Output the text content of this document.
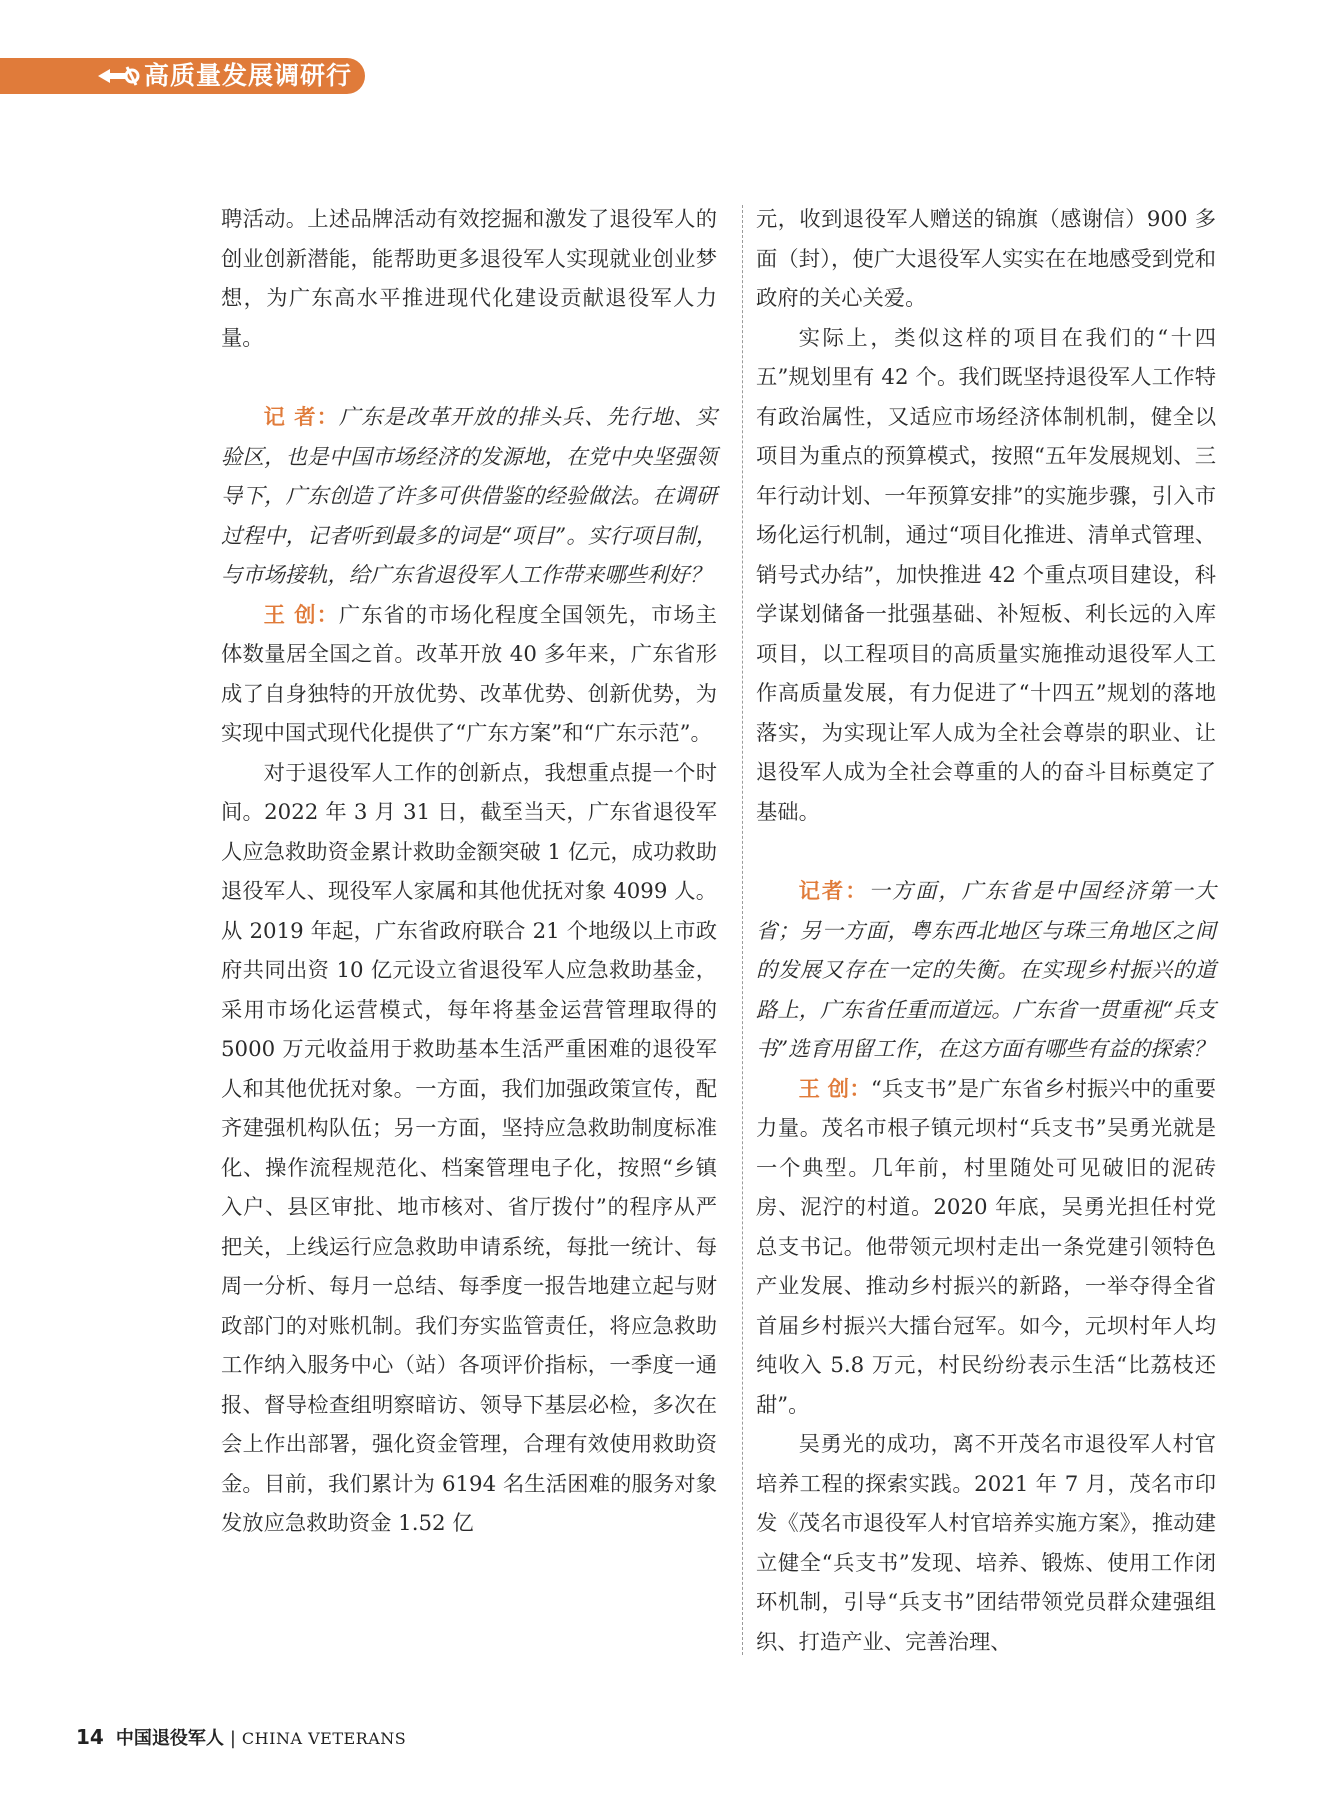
高质量发展调研行

聘活动。上述品牌活动有效挖掘和激发了退役军人的创业创新潜能，能帮助更多退役军人实现就业创业梦想，为广东高水平推进现代化建设贡献退役军人力量。

记 者：广东是改革开放的排头兵、先行地、实验区，也是中国市场经济的发源地，在党中央坚强领导下，广东创造了许多可供借鉴的经验做法。在调研过程中，记者听到最多的词是“项目”。实行项目制，与市场接轨，给广东省退役军人工作带来哪些利好？

王 创：广东省的市场化程度全国领先，市场主体数量居全国之首。改革开放 40 多年来，广东省形成了自身独特的开放优势、改革优势、创新优势，为实现中国式现代化提供了“广东方案”和“广东示范”。

对于退役军人工作的创新点，我想重点提一个时间。2022 年 3 月 31 日，截至当天，广东省退役军人应急救助资金累计救助金额突破 1 亿元，成功救助退役军人、现役军人家属和其他优抚对象 4099 人。从 2019 年起，广东省政府联合 21 个地级以上市政府共同出资 10 亿元设立省退役军人应急救助基金，采用市场化运营模式，每年将基金运营管理取得的 5000 万元收益用于救助基本生活严重困难的退役军人和其他优抚对象。一方面，我们加强政策宣传，配齐建强机构队伍；另一方面，坚持应急救助制度标准化、操作流程规范化、档案管理电子化，按照“乡镇入户、县区审批、地市核对、省厅拨付”的程序从严把关，上线运行应急救助申请系统，每批一统计、每周一分析、每月一总结、每季度一报告地建立起与财政部门的对账机制。我们夯实监管责任，将应急救助工作纳入服务中心（站）各项评价指标，一季度一通报、督导检查组明察暗访、领导下基层必检，多次在会上作出部署，强化资金管理，合理有效使用救助资金。目前，我们累计为 6194 名生活困难的服务对象发放应急救助资金 1.52 亿

元，收到退役军人赠送的锦旗（感谢信）900 多面（封），使广大退役军人实实在在地感受到党和政府的关心关爱。

实际上，类似这样的项目在我们的“十四五”规划里有 42 个。我们既坚持退役军人工作特有政治属性，又适应市场经济体制机制，健全以项目为重点的预算模式，按照“五年发展规划、三年行动计划、一年预算安排”的实施步骤，引入市场化运行机制，通过“项目化推进、清单式管理、销号式办结”，加快推进 42 个重点项目建设，科学谋划储备一批强基础、补短板、利长远的入库项目，以工程项目的高质量实施推动退役军人工作高质量发展，有力促进了“十四五”规划的落地落实，为实现让军人成为全社会尊崇的职业、让退役军人成为全社会尊重的人的奋斗目标奠定了基础。

记者：一方面，广东省是中国经济第一大省；另一方面，粤东西北地区与珠三角地区之间的发展又存在一定的失衡。在实现乡村振兴的道路上，广东省任重而道远。广东省一贯重视“兵支书”选育用留工作，在这方面有哪些有益的探索？

王 创：“兵支书”是广东省乡村振兴中的重要力量。茂名市根子镇元坝村“兵支书”吴勇光就是一个典型。几年前，村里随处可见破旧的泥砖房、泥泞的村道。2020 年底，吴勇光担任村党总支书记。他带领元坝村走出一条党建引领特色产业发展、推动乡村振兴的新路，一举夺得全省首届乡村振兴大擂台冠军。如今，元坝村年人均纯收入 5.8 万元，村民纷纷表示生活“比荔枝还甜”。

吴勇光的成功，离不开茂名市退役军人村官培养工程的探索实践。2021 年 7 月，茂名市印发《茂名市退役军人村官培养实施方案》，推动建立健全“兵支书”发现、培养、锻炼、使用工作闭环机制，引导“兵支书”团结带领党员群众建强组织、打造产业、完善治理、

14 中国退役军人 | CHINA VETERANS
